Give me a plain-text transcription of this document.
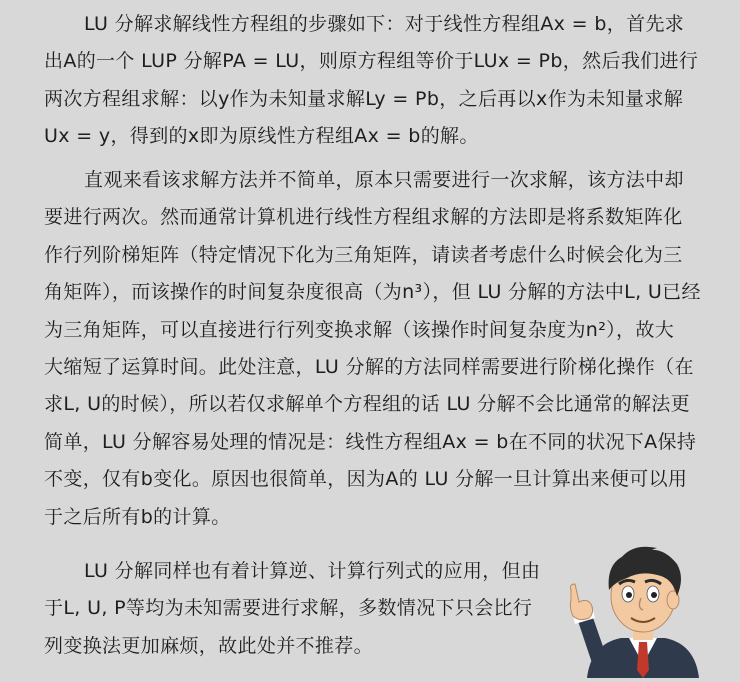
LU 分解求解线性方程组的步骤如下：对于线性方程组Ax = b，首先求
出A的一个 LUP 分解PA = LU，则原方程组等价于LUx = Pb，然后我们进行
两次方程组求解：以y作为未知量求解Ly = Pb，之后再以x作为未知量求解
Ux = y，得到的x即为原线性方程组Ax = b的解。
直观来看该求解方法并不简单，原本只需要进行一次求解，该方法中却
要进行两次。然而通常计算机进行线性方程组求解的方法即是将系数矩阵化
作行列阶梯矩阵（特定情况下化为三角矩阵，请读者考虑什么时候会化为三
角矩阵），而该操作的时间复杂度很高（为n³），但 LU 分解的方法中L, U已经
为三角矩阵，可以直接进行行列变换求解（该操作时间复杂度为n²），故大
大缩短了运算时间。此处注意，LU 分解的方法同样需要进行阶梯化操作（在
求L, U的时候），所以若仅求解单个方程组的话 LU 分解不会比通常的解法更
简单，LU 分解容易处理的情况是：线性方程组Ax = b在不同的状况下A保持
不变，仅有b变化。原因也很简单，因为A的 LU 分解一旦计算出来便可以用
于之后所有b的计算。
LU 分解同样也有着计算逆、计算行列式的应用，但由
于L, U, P等均为未知需要进行求解，多数情况下只会比行
列变换法更加麻烦，故此处并不推荐。
